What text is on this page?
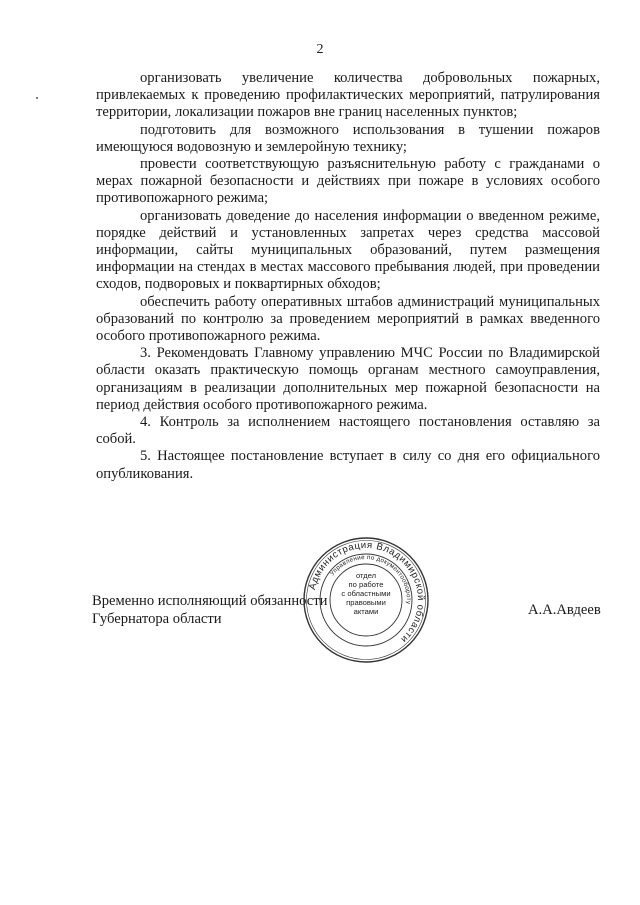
2

организовать увеличение количества добровольных пожарных, привлекаемых к проведению профилактических мероприятий, патрулирования территории, локализации пожаров вне границ населенных пунктов;

подготовить для возможного использования в тушении пожаров имеющуюся водовозную и землеройную технику;

провести соответствующую разъяснительную работу с гражданами о мерах пожарной безопасности и действиях при пожаре в условиях особого противопожарного режима;

организовать доведение до населения информации о введенном режиме, порядке действий и установленных запретах через средства массовой информации, сайты муниципальных образований, путем размещения информации на стендах в местах массового пребывания людей, при проведении сходов, подворовых и поквартирных обходов;

обеспечить работу оперативных штабов администраций муниципальных образований по контролю за проведением мероприятий в рамках введенного особого противопожарного режима.

3. Рекомендовать Главному управлению МЧС России по Владимирской области оказать практическую помощь органам местного самоуправления, организациям в реализации дополнительных мер пожарной безопасности на период действия особого противопожарного режима.

4. Контроль за исполнением настоящего постановления оставляю за собой.

5. Настоящее постановление вступает в силу со дня его официального опубликования.

Временно исполняющий обязанности
Губернатора области
Администрация Владимирской области
Управление по документообороту
отдел
по работе
с областными
правовыми
актами	А.А.Авдеев
